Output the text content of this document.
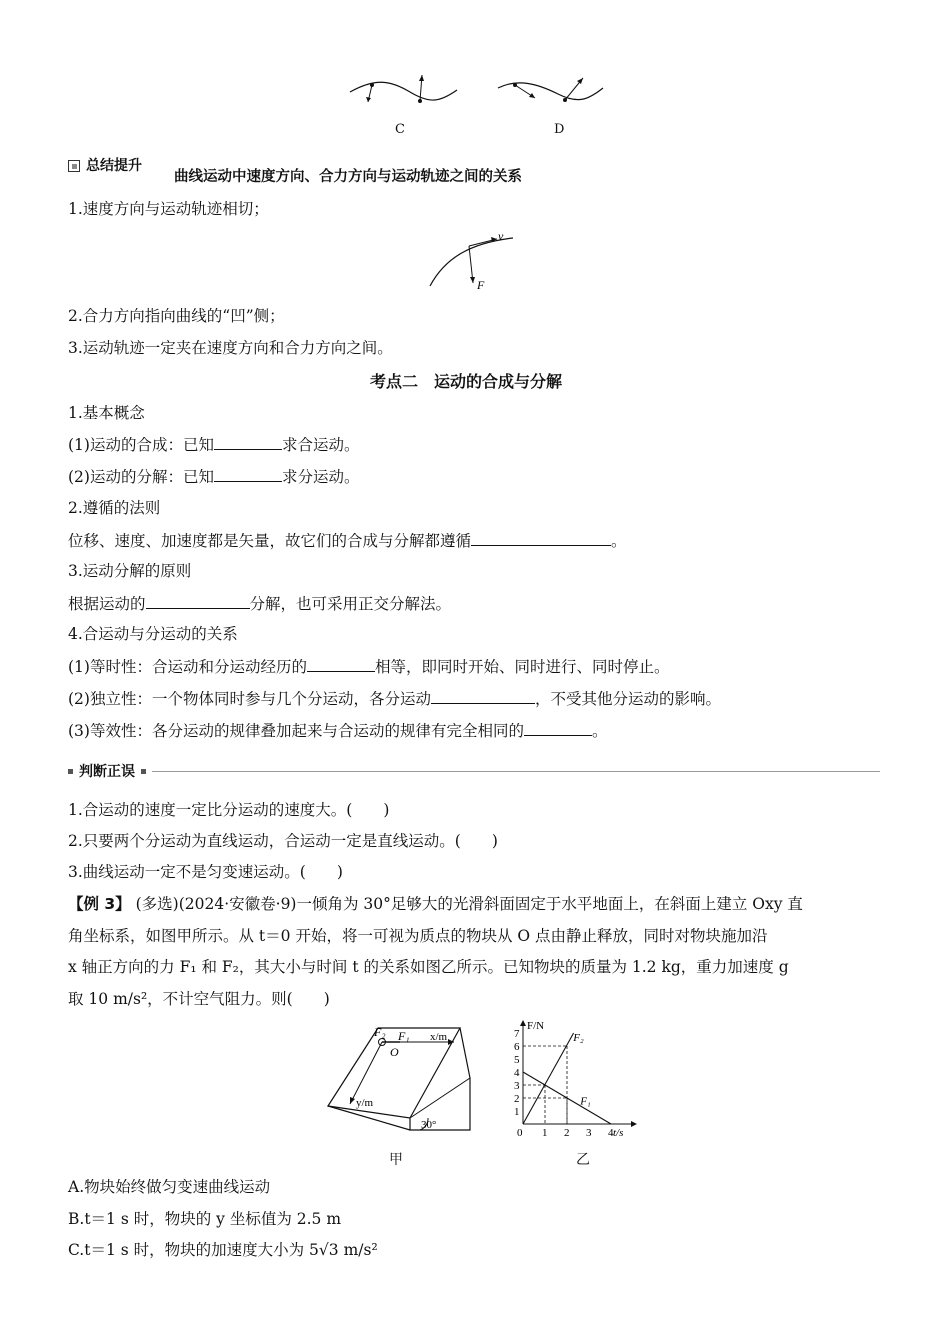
C	D
总结提升
曲线运动中速度方向、合力方向与运动轨迹之间的关系
1.速度方向与运动轨迹相切；
v
F
2.合力方向指向曲线的“凹”侧；
3.运动轨迹一定夹在速度方向和合力方向之间。
考点二　运动的合成与分解
1.基本概念
(1)运动的合成：已知	求合运动。
(2)运动的分解：已知	求分运动。
2.遵循的法则
位移、速度、加速度都是矢量，故它们的合成与分解都遵循	。
3.运动分解的原则
根据运动的	分解，也可采用正交分解法。
4.合运动与分运动的关系
(1)等时性：合运动和分运动经历的	相等，即同时开始、同时进行、同时停止。
(2)独立性：一个物体同时参与几个分运动，各分运动	，不受其他分运动的影响。
(3)等效性：各分运动的规律叠加起来与合运动的规律有完全相同的	。
判断正误
1.合运动的速度一定比分运动的速度大。(　　)
2.只要两个分运动为直线运动，合运动一定是直线运动。(　　)
3.曲线运动一定不是匀变速运动。(　　)
【例 3】 (多选)(2024·安徽卷·9)一倾角为 30°足够大的光滑斜面固定于水平地面上，在斜面上建立 Oxy 直
角坐标系，如图甲所示。从 t＝0 开始，将一可视为质点的物块从 O 点由静止释放，同时对物块施加沿
x 轴正方向的力 F₁ 和 F₂，其大小与时间 t 的关系如图乙所示。已知物块的质量为 1.2 kg，重力加速度 g
取 10 m/s²，不计空气阻力。则(　　)
F₂ F₁
O
x/m
y/m
30°
甲
F₂
F₁
0 1 2 3 4
1
2
3
4
5
6
7
F/N
t/s
乙
A.物块始终做匀变速曲线运动
B.t＝1 s 时，物块的 y 坐标值为 2.5 m
C.t＝1 s 时，物块的加速度大小为 5√3 m/s²
